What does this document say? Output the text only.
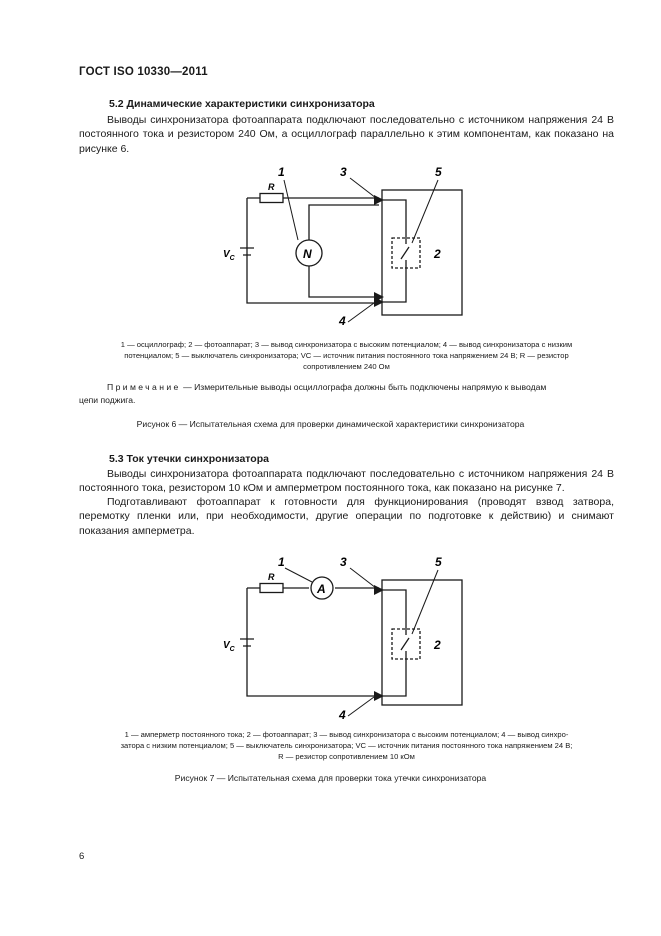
ГОСТ ISO 10330—2011
5.2 Динамические характеристики синхронизатора
Выводы синхронизатора фотоаппарата подключают последовательно с источником напряжения 24 В постоянного тока и резистором 240 Ом, а осциллограф параллельно к этим компонентам, как показано на рисунке 6.
N
R
1	3
4
5
2
$V_C$
1 — осциллограф; 2 — фотоаппарат; 3 — вывод синхронизатора с высоким потенциалом; 4 — вывод синхронизатора с низким
потенциалом; 5 — выключатель синхронизатора; VC — источник питания постоянного тока напряжением 24 В; R — резистор
сопротивлением 240 Ом
Примечание — Измерительные выводы осциллографа должны быть подключены напрямую к выводам
цепи поджига.
Рисунок 6 — Испытательная схема для проверки динамической характеристики синхронизатора
5.3 Ток утечки синхронизатора
Выводы синхронизатора фотоаппарата подключают последовательно с источником напряжения 24 В постоянного тока, резистором 10 кОм и амперметром постоянного тока, как показано на рисунке 7.
Подготавливают фотоаппарат к готовности для функционирования (проводят взвод затвора, перемотку пленки или, при необходимости, другие операции по подготовке к действию) и снимают показания амперметра.
A
R
1	3
4
5
2
$V_C$
1 — амперметр постоянного тока; 2 — фотоаппарат; 3 — вывод синхронизатора с высоким потенциалом; 4 — вывод синхро-
затора с низким потенциалом; 5 — выключатель синхронизатора; VC — источник питания постоянного тока напряжением 24 В;
R — резистор сопротивлением 10 кОм
Рисунок 7 — Испытательная схема для проверки тока утечки синхронизатора
6
